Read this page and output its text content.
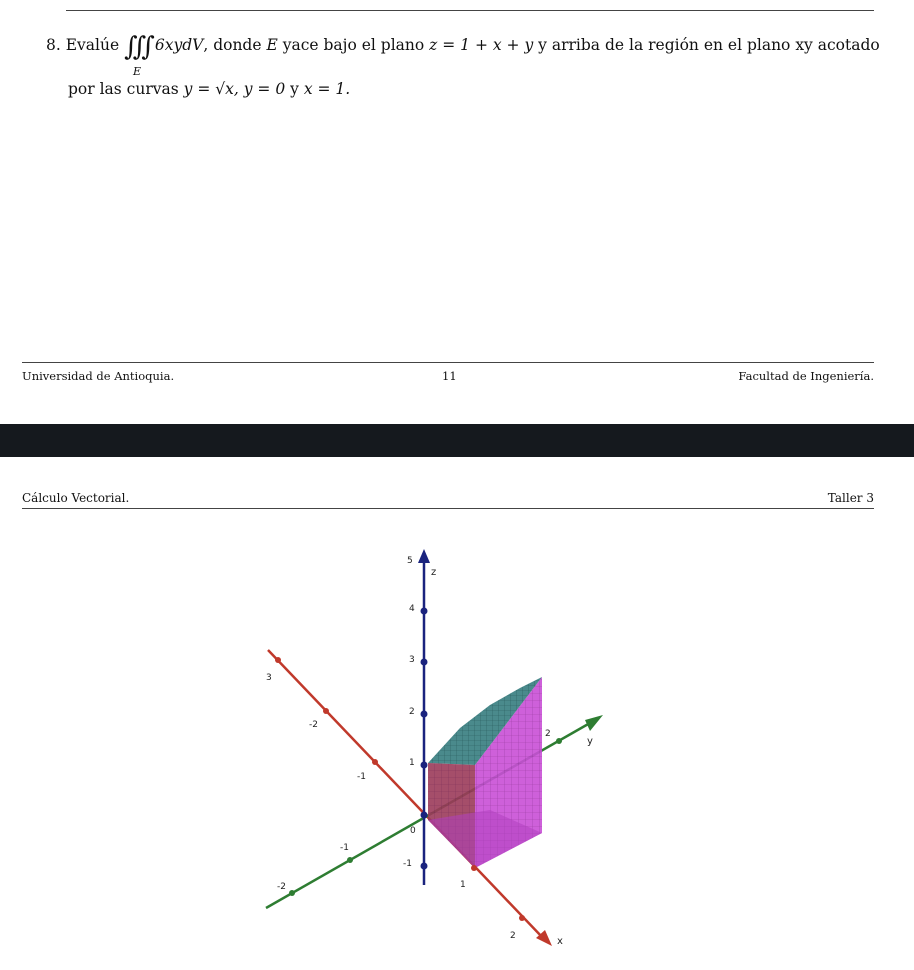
8. Evalúe ∭ 6xydV, donde E yace bajo el plano z = 1 + x + y y arriba de la región en el plano xy acotado
E
por las curvas y = √x, y = 0 y x = 1.
Universidad de Antioquia.	11	Facultad de Ingeniería.
Cálculo Vectorial.	Taller 3
5
4
3
2
1
0
-1
z
3
-2
-1
1
2	x
-1
-2
2
y
